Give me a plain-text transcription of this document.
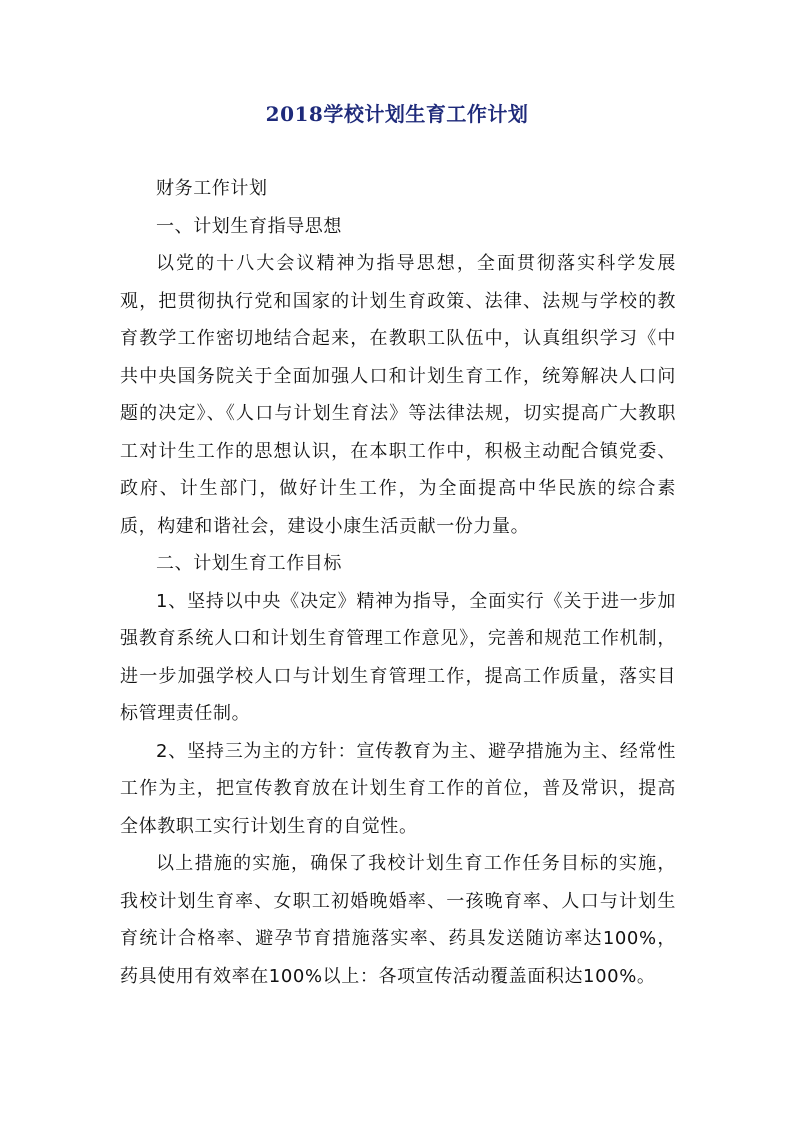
2018学校计划生育工作计划

财务工作计划

一、计划生育指导思想

以党的十八大会议精神为指导思想，全面贯彻落实科学发展观，把贯彻执行党和国家的计划生育政策、法律、法规与学校的教育教学工作密切地结合起来，在教职工队伍中，认真组织学习《中共中央国务院关于全面加强人口和计划生育工作，统筹解决人口问题的决定》、《人口与计划生育法》等法律法规，切实提高广大教职工对计生工作的思想认识，在本职工作中，积极主动配合镇党委、政府、计生部门，做好计生工作，为全面提高中华民族的综合素质，构建和谐社会，建设小康生活贡献一份力量。

二、计划生育工作目标

1、坚持以中央《决定》精神为指导，全面实行《关于进一步加强教育系统人口和计划生育管理工作意见》，完善和规范工作机制，进一步加强学校人口与计划生育管理工作，提高工作质量，落实目标管理责任制。

2、坚持三为主的方针：宣传教育为主、避孕措施为主、经常性工作为主，把宣传教育放在计划生育工作的首位，普及常识，提高全体教职工实行计划生育的自觉性。

以上措施的实施，确保了我校计划生育工作任务目标的实施，我校计划生育率、女职工初婚晚婚率、一孩晚育率、人口与计划生育统计合格率、避孕节育措施落实率、药具发送随访率达100%，药具使用有效率在100%以上：各项宣传活动覆盖面积达100%。
